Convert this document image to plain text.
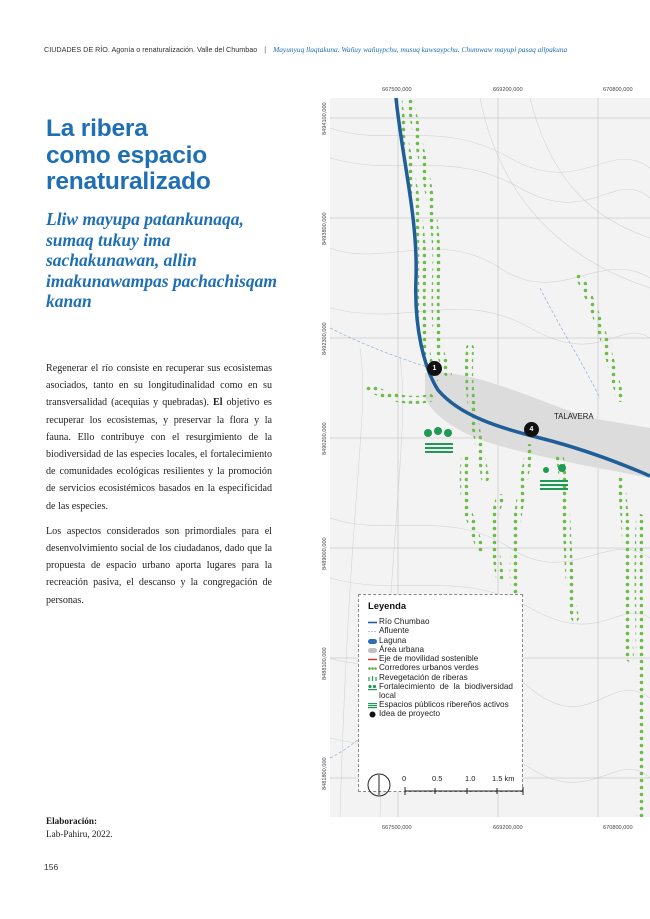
CIUDADES DE RÍO. Agonía o renaturalización. Valle del Chumbao | Mayunyuq llaqtakuna. Wañuy wañuypchu, musuq kawsaypchu. Chumwaw mayupi pasaq allpakuna
La ribera
como espacio
renaturalizado

Lliw mayupa patankunaqa, sumaq tukuy ima sachakunawan, allin imakunawampas pachachisqam kanan

Regenerar el río consiste en recuperar sus ecosistemas asociados, tanto en su longitudinalidad como en su transversalidad (acequias y quebradas). El objetivo es recuperar los ecosistemas, y preservar la flora y la fauna. Ello contribuye con el resurgimiento de la biodiversidad de las especies locales, el fortalecimiento de comunidades ecológicas resilientes y la promoción de servicios ecosistémicos basados en la especificidad de las especies.

Los aspectos considerados son primordiales para el desenvolvimiento social de los ciudadanos, dado que la propuesta de espacio urbano aporta lugares para la recreación pasiva, el descanso y la congregación de personas.

Elaboración:
Lab-Pahiru, 2022.
156
667500,000	669200,000	670800,000
667500,000	669200,000	670800,000
8494100,000
8493800,000
8492300,000
8490200,000
8489000,000
8488100,000
8481800,000
TALAVERA
1
4
Leyenda
Río Chumbao
Afluente
Laguna
Área urbana
Eje de movilidad sostenible
Corredores urbanos verdes
Revegetación de riberas
Fortalecimiento de la biodiversidad local
Espacios públicos ribereños activos
Idea de proyecto
0	0.5	1.0 1.5 km
